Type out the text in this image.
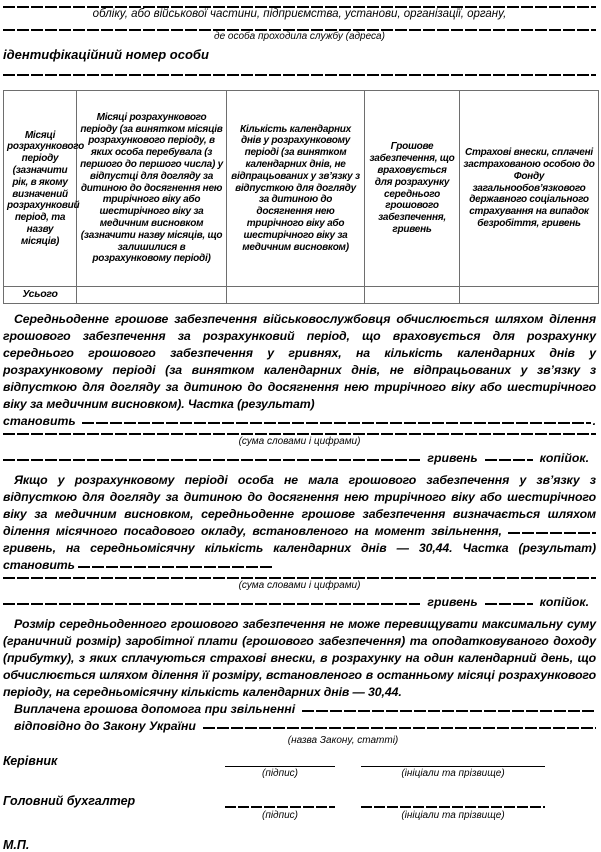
обліку, або військової частини, підприємства, установи, організації, органу,
де особа проходила службу (адреса)
ідентифікаційний номер особи
Місяці розрахункового періоду (зазначити рік, в якому визначений розрахунковий період, та назву місяців)	Місяці розрахункового періоду (за винятком місяців розрахункового періоду, в яких особа перебувала (з першого до першого числа) у відпустці для догляду за дитиною до досягнення нею трирічного віку або шестирічного віку за медичним висновком (зазначити назву місяців, що залишилися в розрахунковому періоді)	Кількість календарних днів у розрахунковому періоді (за винятком календарних днів, не відпрацьованих у зв’язку з відпусткою для догляду за дитиною до досягнення нею трирічного віку або шестирічного віку за медичним висновком)	Грошове забезпечення, що враховується для розрахунку середнього грошового забезпечення, гривень	Страхові внески, сплачені застрахованою особою до Фонду загальнообов’язкового державного соціального страхування на випадок безробіття, гривень
Усього				

Середньоденне грошове забезпечення військовослужбовця обчислюється шляхом ділення грошового забезпечення за розрахунковий період, що враховується для розрахунку середнього грошового забезпечення у гривнях, на кількість календарних днів у розрахунковому періоді (за винятком календарних днів, не відпрацьованих у зв’язку з відпусткою для догляду за дитиною до досягнення нею трирічного віку або шестирічного віку за медичним висновком). Частка (результат)

становить	.
(сума словами і цифрами)
гривень	копійок.

Якщо у розрахунковому періоді особа не мала грошового забезпечення у зв’язку з відпусткою для догляду за дитиною до досягнення нею трирічного віку або шестирічного віку за медичним висновком, середньоденне грошове забезпечення визначається шляхом ділення місячного посадового окладу, встановленого на момент звільнення,  гривень, на середньомісячну кількість календарних днів — 30,44. Частка (результат) становить

(сума словами і цифрами)
гривень	копійок.

Розмір середньоденного грошового забезпечення не може перевищувати максимальну суму (граничний розмір) заробітної плати (грошового забезпечення) та оподатковуваного доходу (прибутку), з яких сплачуються страхові внески, в розрахунку на один календарний день, що обчислюється шляхом ділення її розміру, встановленого в останньому місяці розрахункового періоду, на середньомісячну кількість календарних днів — 30,44.

Виплачена грошова допомога при звільненні
відповідно до Закону України
(назва Закону, статті)
Керівник
(підпис)	(ініціали та прізвище)
Головний бухгалтер
(підпис)	(ініціали та прізвище)
М.П.
